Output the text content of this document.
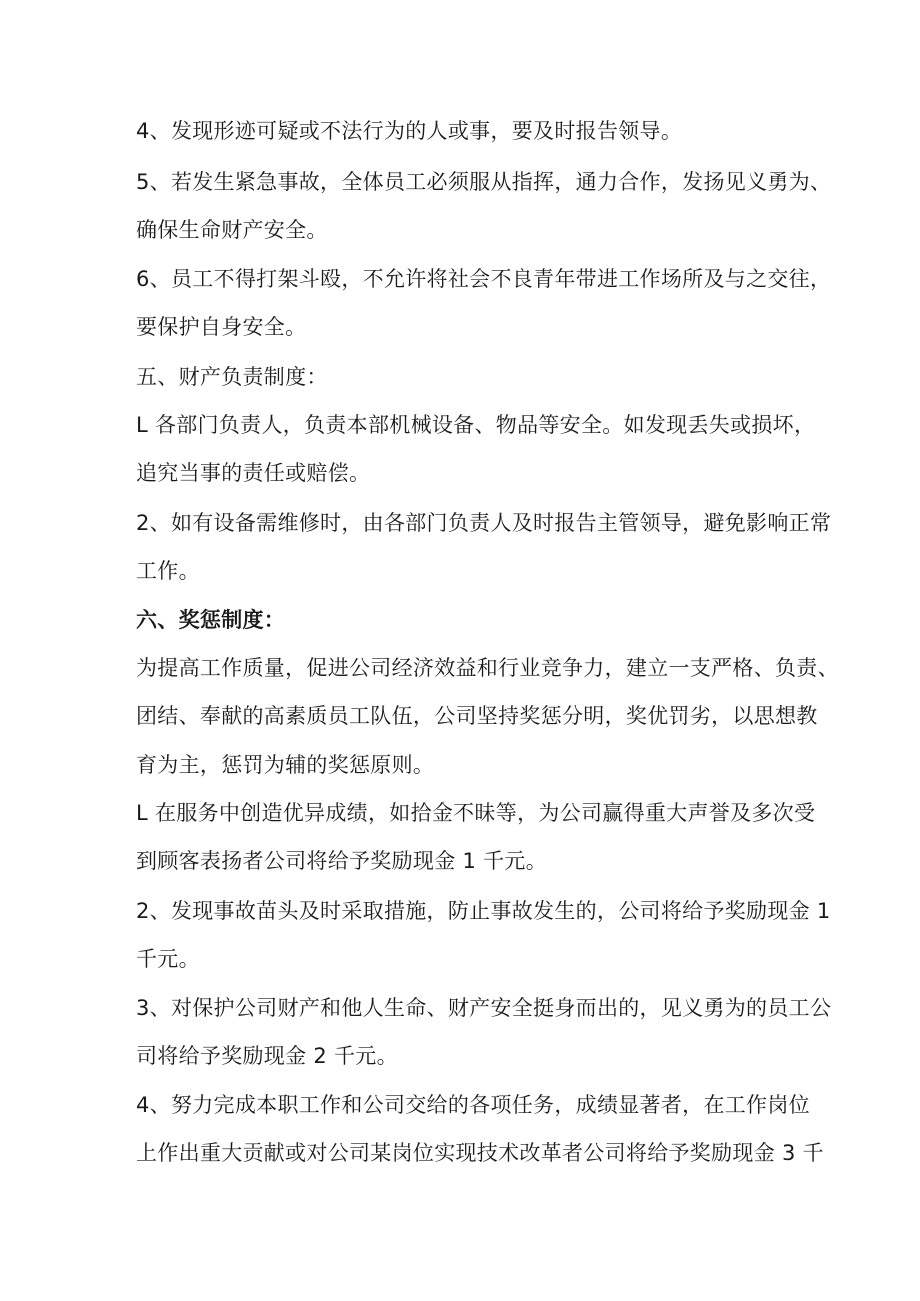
4、发现形迹可疑或不法行为的人或事，要及时报告领导。
5、若发生紧急事故，全体员工必须服从指挥，通力合作，发扬见义勇为、
确保生命财产安全。
6、员工不得打架斗殴，不允许将社会不良青年带进工作场所及与之交往，
要保护自身安全。
五、财产负责制度：
L 各部门负责人，负责本部机械设备、物品等安全。如发现丢失或损坏，
追究当事的责任或赔偿。
2、如有设备需维修时，由各部门负责人及时报告主管领导，避免影响正常
工作。
六、奖惩制度：
为提高工作质量，促进公司经济效益和行业竞争力，建立一支严格、负责、
团结、奉献的高素质员工队伍，公司坚持奖惩分明，奖优罚劣，以思想教
育为主，惩罚为辅的奖惩原则。
L 在服务中创造优异成绩，如拾金不昧等，为公司赢得重大声誉及多次受
到顾客表扬者公司将给予奖励现金 1 千元。
2、发现事故苗头及时采取措施，防止事故发生的，公司将给予奖励现金 1
千元。
3、对保护公司财产和他人生命、财产安全挺身而出的，见义勇为的员工公
司将给予奖励现金 2 千元。
4、努力完成本职工作和公司交给的各项任务，成绩显著者，在工作岗位
上作出重大贡献或对公司某岗位实现技术改革者公司将给予奖励现金 3 千
